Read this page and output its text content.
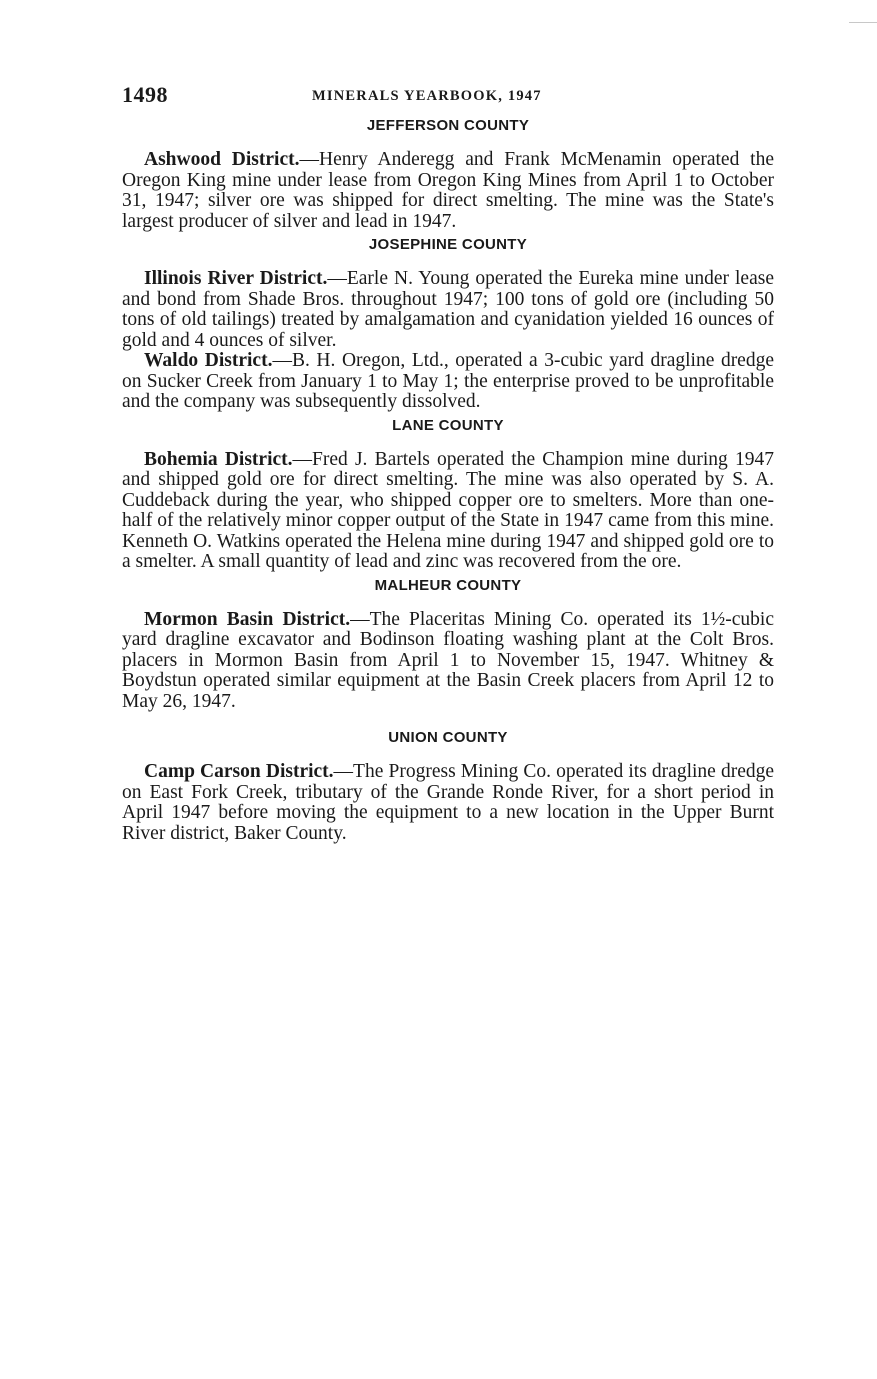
1498	MINERALS YEARBOOK, 1947
JEFFERSON COUNTY

Ashwood District.—Henry Anderegg and Frank McMenamin operated the Oregon King mine under lease from Oregon King Mines from April 1 to October 31, 1947; silver ore was shipped for direct smelting. The mine was the State's largest producer of silver and lead in 1947.

JOSEPHINE COUNTY

Illinois River District.—Earle N. Young operated the Eureka mine under lease and bond from Shade Bros. throughout 1947; 100 tons of gold ore (including 50 tons of old tailings) treated by amalgamation and cyanidation yielded 16 ounces of gold and 4 ounces of silver.

Waldo District.—B. H. Oregon, Ltd., operated a 3-cubic yard dragline dredge on Sucker Creek from January 1 to May 1; the enterprise proved to be unprofitable and the company was subsequently dissolved.

LANE COUNTY

Bohemia District.—Fred J. Bartels operated the Champion mine during 1947 and shipped gold ore for direct smelting. The mine was also operated by S. A. Cuddeback during the year, who shipped copper ore to smelters. More than one-half of the relatively minor copper output of the State in 1947 came from this mine. Kenneth O. Watkins operated the Helena mine during 1947 and shipped gold ore to a smelter. A small quantity of lead and zinc was recovered from the ore.

MALHEUR COUNTY

Mormon Basin District.—The Placeritas Mining Co. operated its 1½-cubic yard dragline excavator and Bodinson floating washing plant at the Colt Bros. placers in Mormon Basin from April 1 to November 15, 1947. Whitney & Boydstun operated similar equipment at the Basin Creek placers from April 12 to May 26, 1947.

UNION COUNTY

Camp Carson District.—The Progress Mining Co. operated its dragline dredge on East Fork Creek, tributary of the Grande Ronde River, for a short period in April 1947 before moving the equipment to a new location in the Upper Burnt River district, Baker County.
